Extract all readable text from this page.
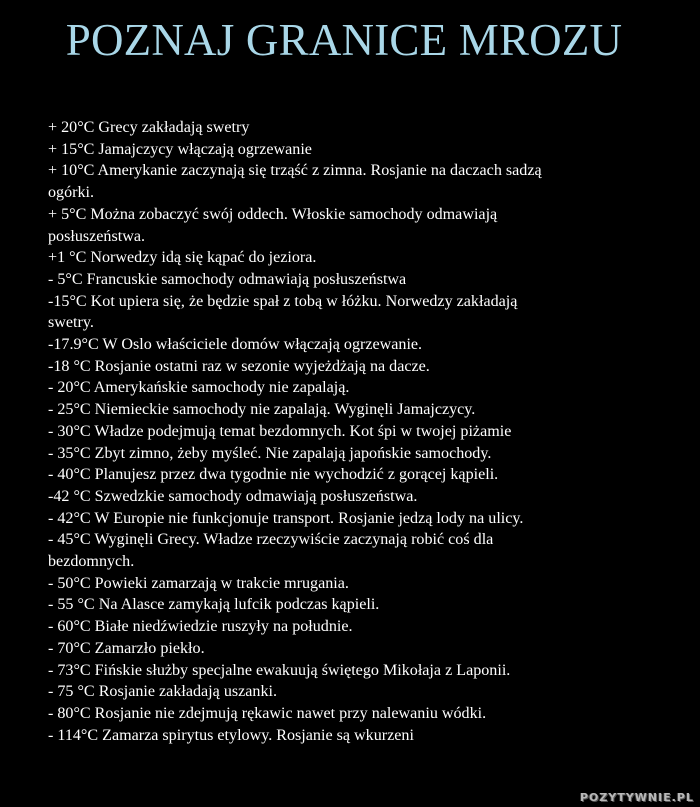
POZNAJ GRANICE MROZU
+ 20°C Grecy zakładają swetry
+ 15°C Jamajczycy włączają ogrzewanie
+ 10°C Amerykanie zaczynają się trząść z zimna. Rosjanie na daczach sadzą
ogórki.
+ 5°C Można zobaczyć swój oddech. Włoskie samochody odmawiają
posłuszeństwa.
+1 °C Norwedzy idą się kąpać do jeziora.
- 5°C Francuskie samochody odmawiają posłuszeństwa
-15°C Kot upiera się, że będzie spał z tobą w łóżku. Norwedzy zakładają
swetry.
-17.9°C W Oslo właściciele domów włączają ogrzewanie.
-18 °C Rosjanie ostatni raz w sezonie wyjeżdżają na dacze.
- 20°C Amerykańskie samochody nie zapalają.
- 25°C Niemieckie samochody nie zapalają. Wyginęli Jamajczycy.
- 30°C Władze podejmują temat bezdomnych. Kot śpi w twojej piżamie
- 35°C Zbyt zimno, żeby myśleć. Nie zapalają japońskie samochody.
- 40°C Planujesz przez dwa tygodnie nie wychodzić z gorącej kąpieli.
-42 °C Szwedzkie samochody odmawiają posłuszeństwa.
- 42°C W Europie nie funkcjonuje transport. Rosjanie jedzą lody na ulicy.
- 45°C Wyginęli Grecy. Władze rzeczywiście zaczynają robić coś dla
bezdomnych.
- 50°C Powieki zamarzają w trakcie mrugania.
- 55 °C Na Alasce zamykają lufcik podczas kąpieli.
- 60°C Białe niedźwiedzie ruszyły na południe.
- 70°C Zamarzło piekło.
- 73°C Fińskie służby specjalne ewakuują świętego Mikołaja z Laponii.
- 75 °C Rosjanie zakładają uszanki.
- 80°C Rosjanie nie zdejmują rękawic nawet przy nalewaniu wódki.
- 114°C Zamarza spirytus etylowy. Rosjanie są wkurzeni
POZYTYWNIE.PL
